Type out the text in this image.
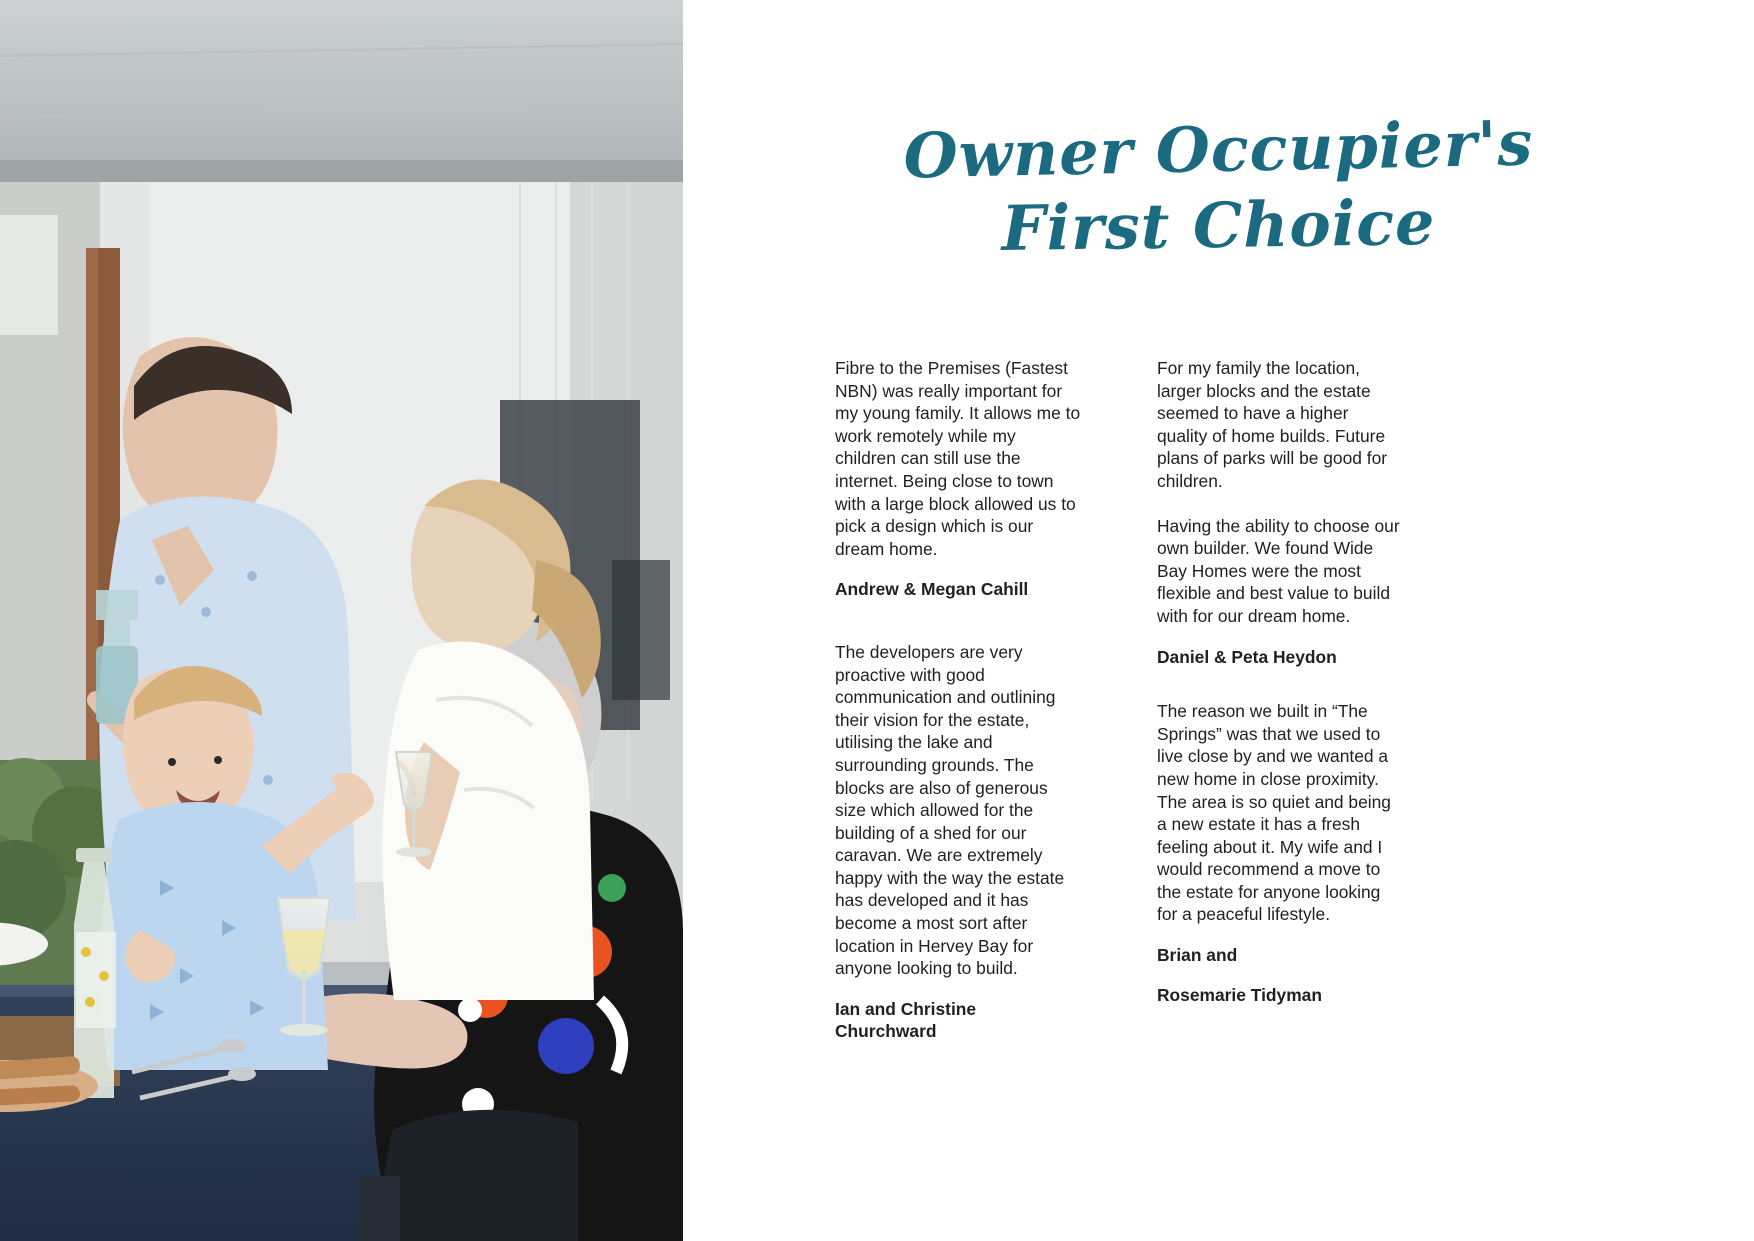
Owner Occupier's
First Choice

Fibre to the Premises (Fastest NBN) was really important for my young family. It allows me to work remotely while my children can still use the internet. Being close to town with a large block allowed us to pick a design which is our dream home.

Andrew & Megan Cahill

The developers are very proactive with good communication and outlining their vision for the estate, utilising the lake and surrounding grounds. The blocks are also of generous size which allowed for the building of a shed for our caravan. We are extremely happy with the way the estate has developed and it has become a most sort after location in Hervey Bay for anyone looking to build.

Ian and Christine Churchward

For my family the location, larger blocks and the estate seemed to have a higher quality of home builds. Future plans of parks will be good for children.

Having the ability to choose our own builder. We found Wide Bay Homes were the most flexible and best value to build with for our dream home.

Daniel & Peta Heydon

The reason we built in “The Springs” was that we used to live close by and we wanted a new home in close proximity. The area is so quiet and being a new estate it has a fresh feeling about it. My wife and I would recommend a move to the estate for anyone looking for a peaceful lifestyle.

Brian and

Rosemarie Tidyman
